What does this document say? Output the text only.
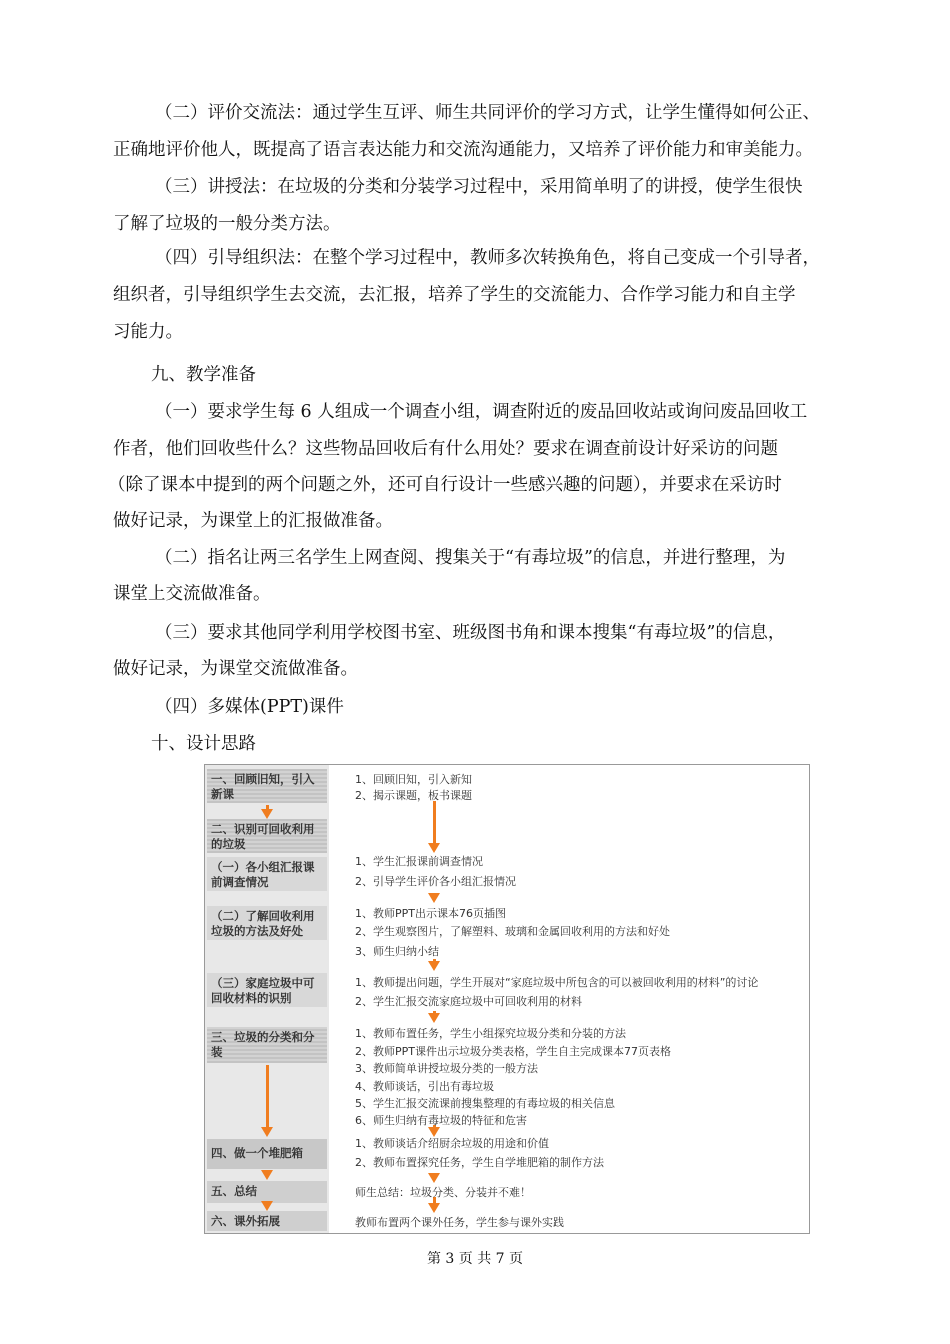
（二）评价交流法：通过学生互评、师生共同评价的学习方式，让学生懂得如何公正、
正确地评价他人，既提高了语言表达能力和交流沟通能力，又培养了评价能力和审美能力。
（三）讲授法：在垃圾的分类和分装学习过程中，采用简单明了的讲授，使学生很快
了解了垃圾的一般分类方法。
（四）引导组织法：在整个学习过程中，教师多次转换角色，将自己变成一个引导者，
组织者，引导组织学生去交流，去汇报，培养了学生的交流能力、合作学习能力和自主学
习能力。
九、教学准备
（一）要求学生每 6 人组成一个调查小组，调查附近的废品回收站或询问废品回收工
作者，他们回收些什么？这些物品回收后有什么用处？要求在调查前设计好采访的问题
（除了课本中提到的两个问题之外，还可自行设计一些感兴趣的问题），并要求在采访时
做好记录，为课堂上的汇报做准备。
（二）指名让两三名学生上网查阅、搜集关于“有毒垃圾”的信息，并进行整理，为
课堂上交流做准备。
（三）要求其他同学利用学校图书室、班级图书角和课本搜集“有毒垃圾”的信息，
做好记录，为课堂交流做准备。
（四）多媒体(PPT)课件
十、设计思路
一、回顾旧知，引入新课
二、识别可回收利用的垃圾
（一）各小组汇报课前调查情况
（二）了解回收利用垃圾的方法及好处
（三）家庭垃圾中可回收材料的识别
三、垃圾的分类和分装
四、做一个堆肥箱
五、总结
六、课外拓展
1、回顾旧知，引入新知
2、揭示课题，板书课题
1、学生汇报课前调查情况
2、引导学生评价各小组汇报情况
1、教师PPT出示课本76页插图
2、学生观察图片，了解塑料、玻璃和金属回收利用的方法和好处
3、师生归纳小结
1、教师提出问题，学生开展对“家庭垃圾中所包含的可以被回收利用的材料”的讨论
2、学生汇报交流家庭垃圾中可回收利用的材料
1、教师布置任务，学生小组探究垃圾分类和分装的方法
2、教师PPT课件出示垃圾分类表格，学生自主完成课本77页表格
3、教师简单讲授垃圾分类的一般方法
4、教师谈话，引出有毒垃圾
5、学生汇报交流课前搜集整理的有毒垃圾的相关信息
6、师生归纳有毒垃圾的特征和危害
1、教师谈话介绍厨余垃圾的用途和价值
2、教师布置探究任务，学生自学堆肥箱的制作方法
师生总结：垃圾分类、分装并不难！
教师布置两个课外任务，学生参与课外实践
第 3 页 共 7 页
